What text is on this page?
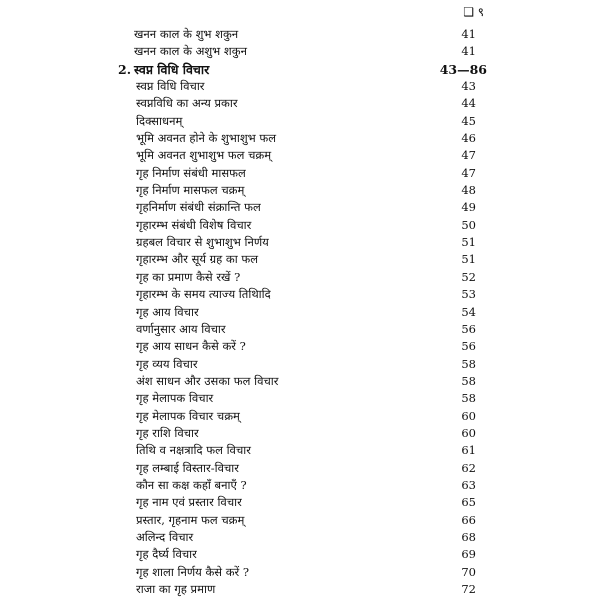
❑ ९
खनन काल के शुभ शकुन	41
खनन काल के अशुभ शकुन	41
2. स्वप्न विधि विचार	43—86
स्वप्न विधि विचार	43
स्वप्नविधि का अन्य प्रकार	44
दिक्साधनम्	45
भूमि अवनत होने के शुभाशुभ फल	46
भूमि अवनत शुभाशुभ फल चक्रम्	47
गृह निर्माण संबंधी मासफल	47
गृह निर्माण मासफल चक्रम्	48
गृहनिर्माण संबंधी संक्रान्ति फल	49
गृहारम्भ संबंधी विशेष विचार	50
ग्रहबल विचार से शुभाशुभ निर्णय	51
गृहारम्भ और सूर्य ग्रह का फल	51
गृह का प्रमाण कैसे रखें ?	52
गृहारम्भ के समय त्याज्य तिथिादि	53
गृह आय विचार	54
वर्णानुसार आय विचार	56
गृह आय साधन कैसे करें ?	56
गृह व्यय विचार	58
अंश साधन और उसका फल विचार	58
गृह मेलापक विचार	58
गृह मेलापक विचार चक्रम्	60
गृह राशि विचार	60
तिथि व नक्षत्रादि फल विचार	61
गृह लम्बाई विस्तार-विचार	62
कौन सा कक्ष कहाँ बनाएँ ?	63
गृह नाम एवं प्रस्तार विचार	65
प्रस्तार, गृहनाम फल चक्रम्	66
अलिन्द विचार	68
गृह दैर्घ्य विचार	69
गृह शाला निर्णय कैसे करें ?	70
राजा का गृह प्रमाण	72
